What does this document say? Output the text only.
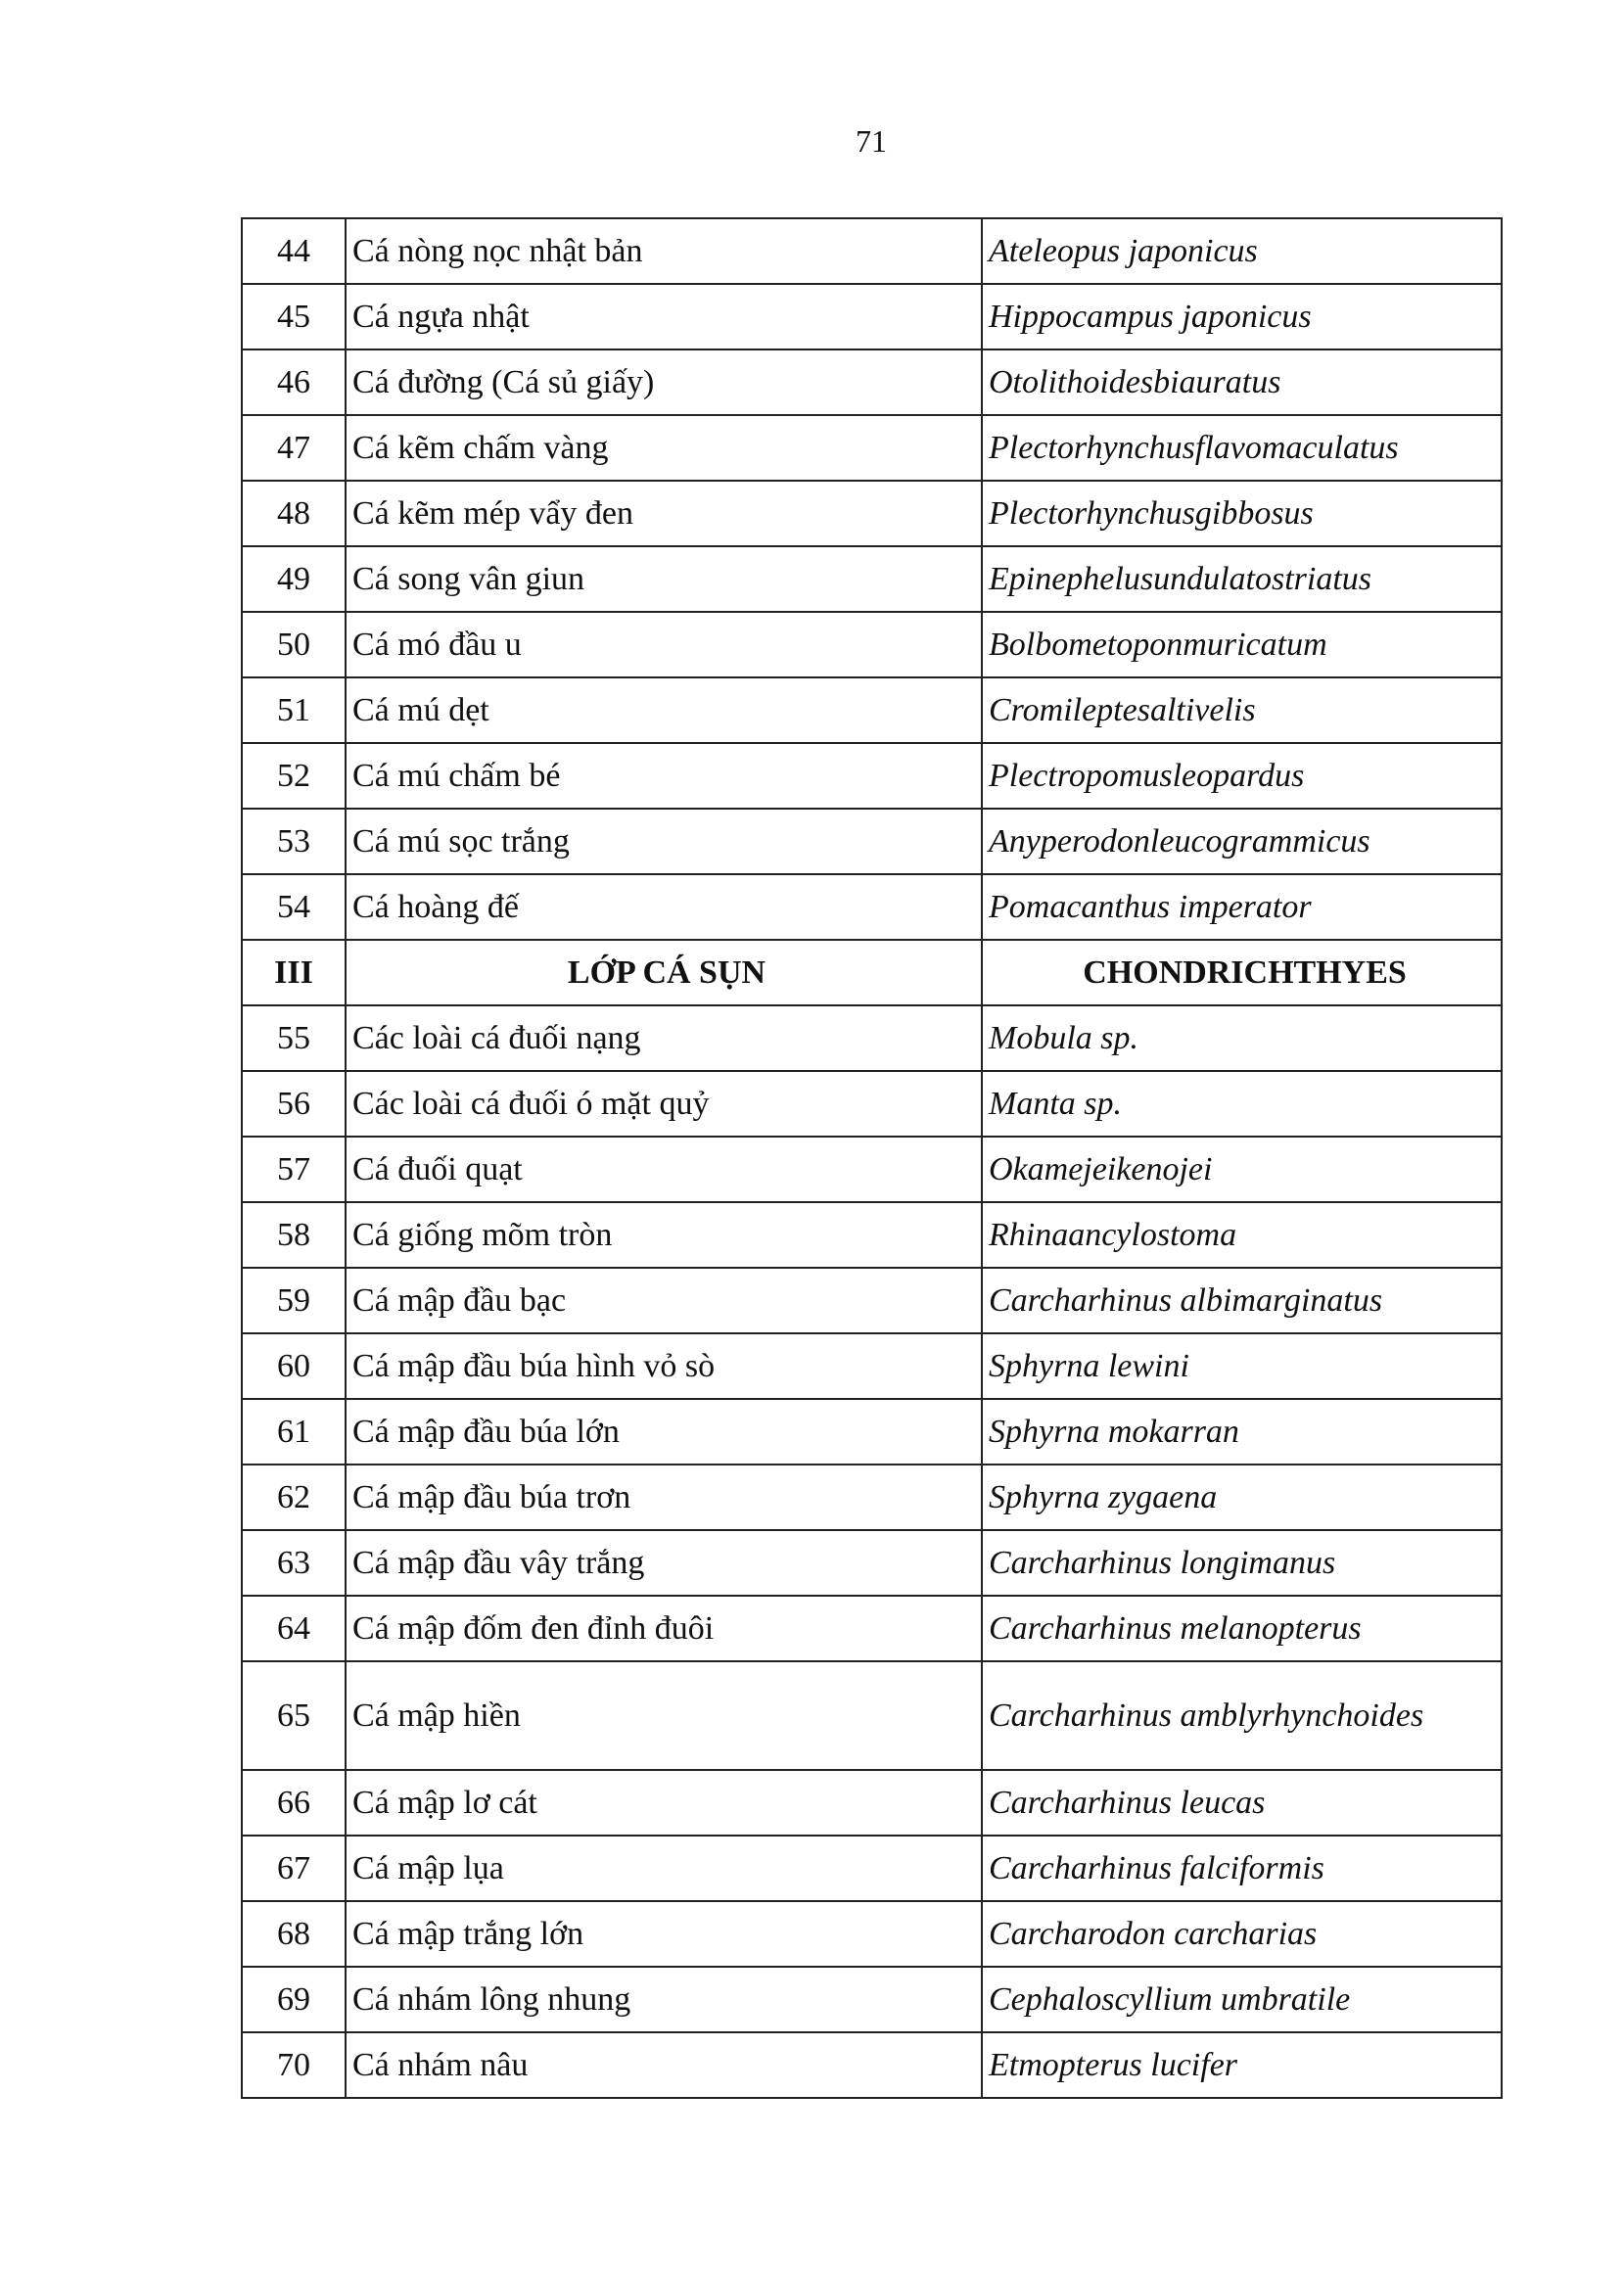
71
44	Cá nòng nọc nhật bản	Ateleopus japonicus
45	Cá ngựa nhật	Hippocampus japonicus
46	Cá đường (Cá sủ giấy)	Otolithoidesbiauratus
47	Cá kẽm chấm vàng	Plectorhynchusflavomaculatus
48	Cá kẽm mép vẩy đen	Plectorhynchusgibbosus
49	Cá song vân giun	Epinephelusundulatostriatus
50	Cá mó đầu u	Bolbometoponmuricatum
51	Cá mú dẹt	Cromileptesaltivelis
52	Cá mú chấm bé	Plectropomusleopardus
53	Cá mú sọc trắng	Anyperodonleucogrammicus
54	Cá hoàng đế	Pomacanthus imperator
III	LỚP CÁ SỤN	CHONDRICHTHYES
55	Các loài cá đuối nạng	Mobula sp.
56	Các loài cá đuối ó mặt quỷ	Manta sp.
57	Cá đuối quạt	Okamejeikenojei
58	Cá giống mõm tròn	Rhinaancylostoma
59	Cá mập đầu bạc	Carcharhinus albimarginatus
60	Cá mập đầu búa hình vỏ sò	Sphyrna lewini
61	Cá mập đầu búa lớn	Sphyrna mokarran
62	Cá mập đầu búa trơn	Sphyrna zygaena
63	Cá mập đầu vây trắng	Carcharhinus longimanus
64	Cá mập đốm đen đỉnh đuôi	Carcharhinus melanopterus
65	Cá mập hiền	Carcharhinus amblyrhynchoides
66	Cá mập lơ cát	Carcharhinus leucas
67	Cá mập lụa	Carcharhinus falciformis
68	Cá mập trắng lớn	Carcharodon carcharias
69	Cá nhám lông nhung	Cephaloscyllium umbratile
70	Cá nhám nâu	Etmopterus lucifer
